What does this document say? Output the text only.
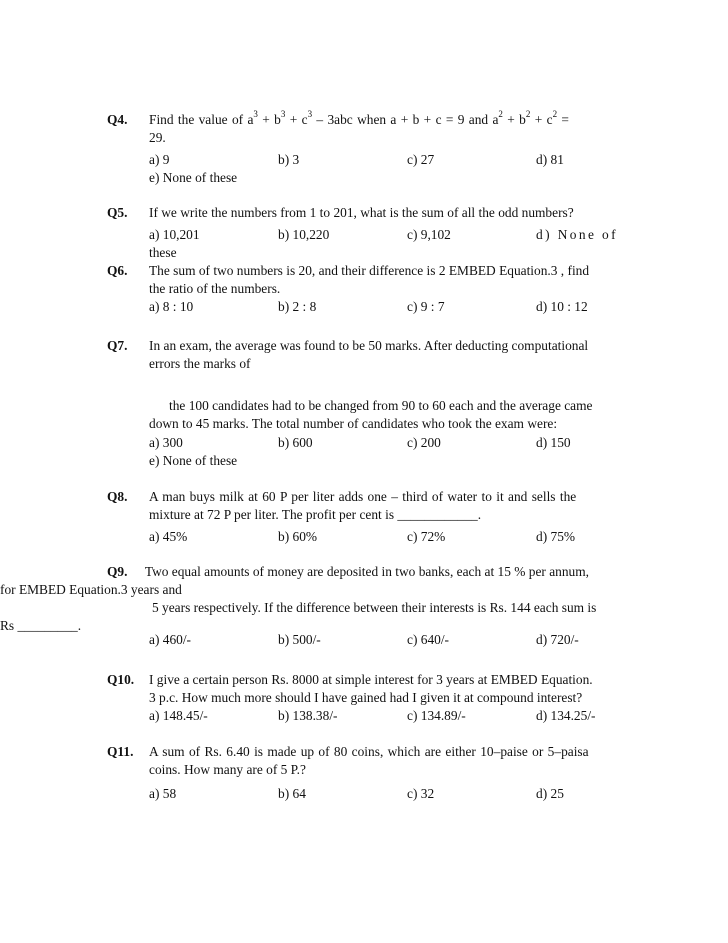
Q4. Find the value of $a^3 + b^3 + c^3 - 3abc$ when a + b + c = 9 and $a^2 + b^2 + c^2$ =
29.
a) 9	b) 3	c) 27	d) 81
e) None of these
Q5. If we write the numbers from 1 to 201, what is the sum of all the odd numbers?
a) 10,201	b) 10,220	c) 9,102	d) None of
these
Q6. The sum of two numbers is 20, and their difference is 2 EMBED Equation.3 , find
the ratio of the numbers.
a) 8 : 10	b) 2 : 8	c) 9 : 7	d) 10 : 12
Q7. In an exam, the average was found to be 50 marks. After deducting computational
errors the marks of
the 100 candidates had to be changed from 90 to 60 each and the average came
down to 45 marks. The total number of candidates who took the exam were:
a) 300	b) 600	c) 200	d) 150
e) None of these
Q8. A man buys milk at 60 P per liter adds one – third of water to it and sells the
mixture at 72 P per liter. The profit per cent is ____________.
a) 45%	b) 60%	c) 72%	d) 75%
Q9. Two equal amounts of money are deposited in two banks, each at 15 % per annum,
for EMBED Equation.3 years and
5 years respectively. If the difference between their interests is Rs. 144 each sum is
Rs _________.
a) 460/-	b) 500/-	c) 640/-	d) 720/-
Q10. I give a certain person Rs. 8000 at simple interest for 3 years at EMBED Equation.
3 p.c. How much more should I have gained had I given it at compound interest?
a) 148.45/-	b) 138.38/-	c) 134.89/-	d) 134.25/-
Q11. A sum of Rs. 6.40 is made up of 80 coins, which are either 10–paise or 5–paisa
coins. How many are of 5 P.?
a) 58	b) 64	c) 32	d) 25
